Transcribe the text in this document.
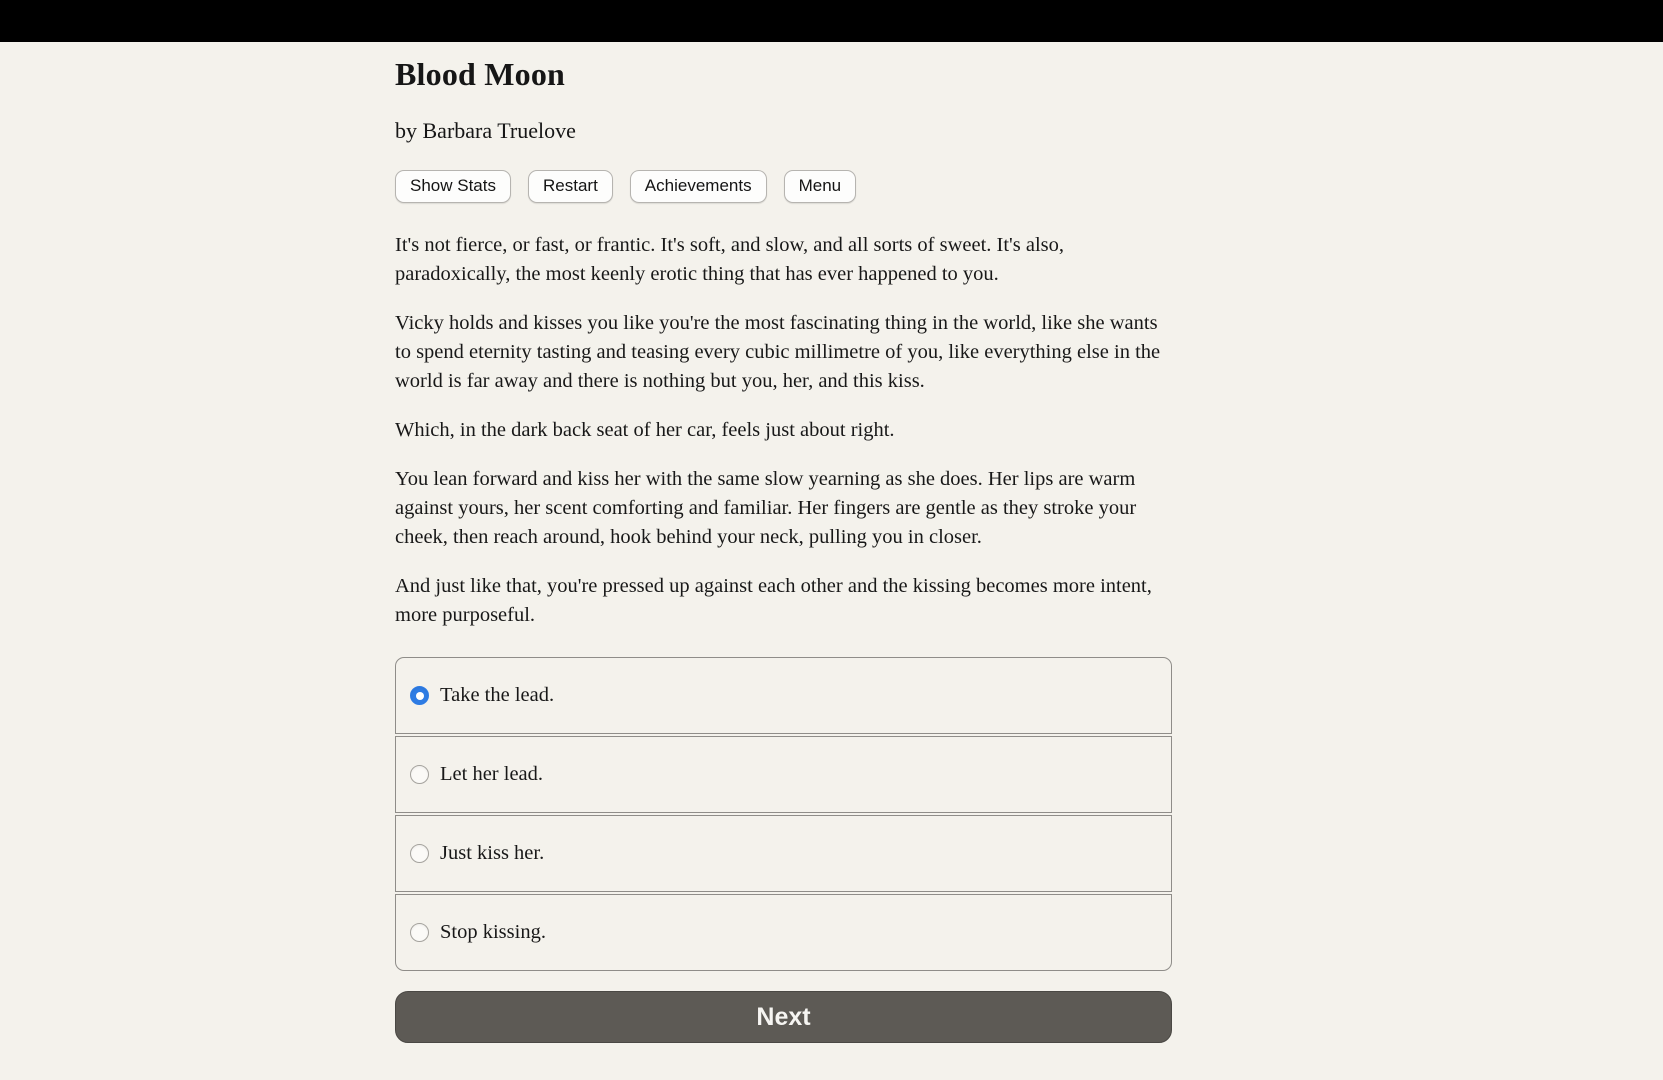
Blood Moon
by Barbara Truelove
Show Stats	Restart	Achievements	Menu

It's not fierce, or fast, or frantic. It's soft, and slow, and all sorts of sweet. It's also, paradoxically, the most keenly erotic thing that has ever happened to you.

Vicky holds and kisses you like you're the most fascinating thing in the world, like she wants to spend eternity tasting and teasing every cubic millimetre of you, like everything else in the world is far away and there is nothing but you, her, and this kiss.

Which, in the dark back seat of her car, feels just about right.

You lean forward and kiss her with the same slow yearning as she does. Her lips are warm against yours, her scent comforting and familiar. Her fingers are gentle as they stroke your cheek, then reach around, hook behind your neck, pulling you in closer.

And just like that, you're pressed up against each other and the kissing becomes more intent, more purposeful.

Take the lead.
Let her lead.
Just kiss her.
Stop kissing.
Next
